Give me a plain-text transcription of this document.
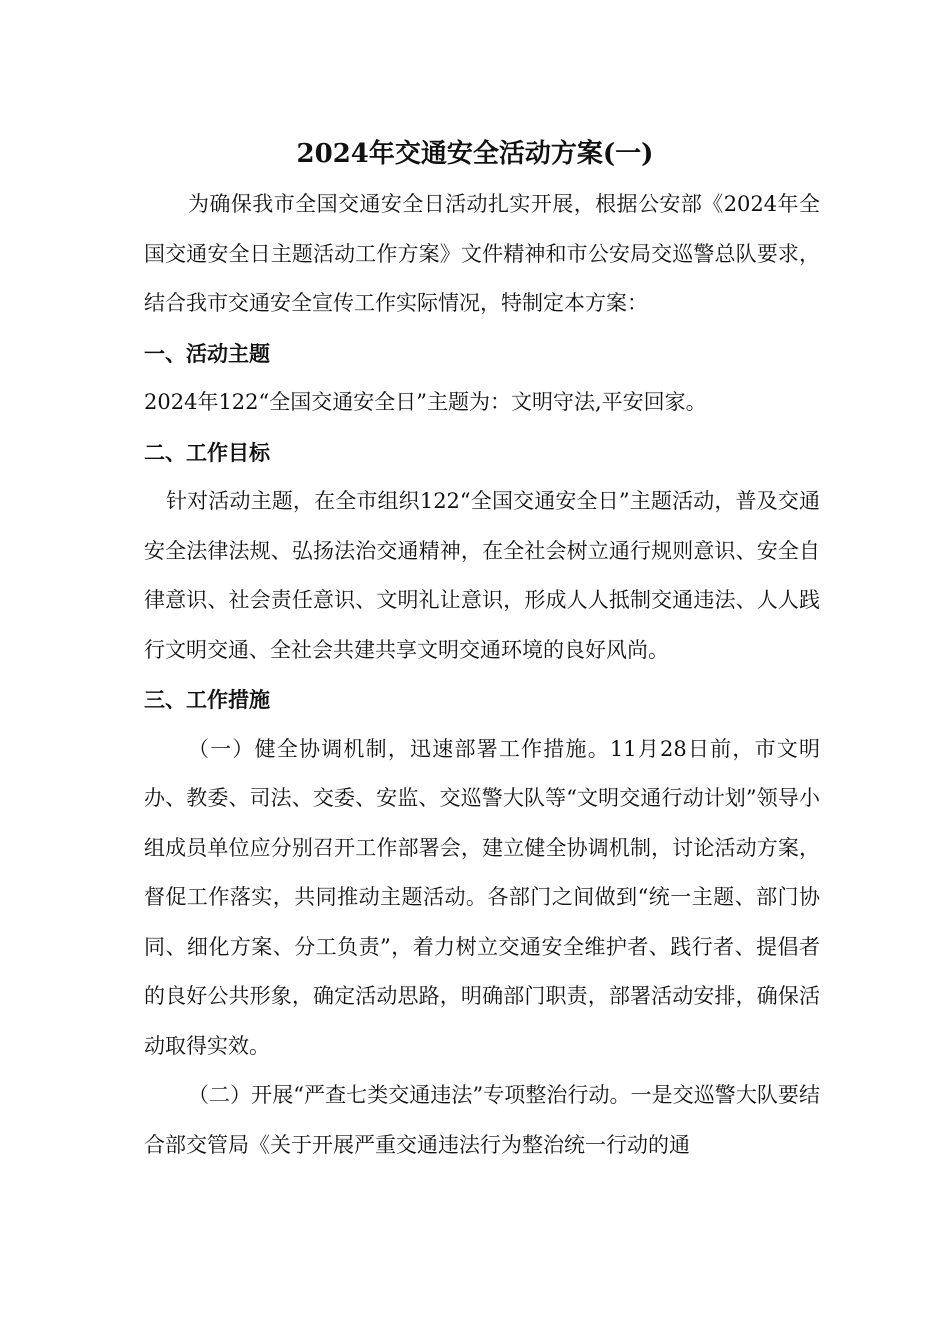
2024年交通安全活动方案(一)

为确保我市全国交通安全日活动扎实开展，根据公安部《2024年全国交通安全日主题活动工作方案》文件精神和市公安局交巡警总队要求，结合我市交通安全宣传工作实际情况，特制定本方案：

一、活动主题

2024年122“全国交通安全日”主题为：文明守法,平安回家。

二、工作目标

针对活动主题，在全市组织122“全国交通安全日”主题活动，普及交通安全法律法规、弘扬法治交通精神，在全社会树立通行规则意识、安全自律意识、社会责任意识、文明礼让意识，形成人人抵制交通违法、人人践行文明交通、全社会共建共享文明交通环境的良好风尚。

三、工作措施

（一）健全协调机制，迅速部署工作措施。11月28日前，市文明办、教委、司法、交委、安监、交巡警大队等“文明交通行动计划”领导小组成员单位应分别召开工作部署会，建立健全协调机制，讨论活动方案，督促工作落实，共同推动主题活动。各部门之间做到“统一主题、部门协同、细化方案、分工负责”，着力树立交通安全维护者、践行者、提倡者的良好公共形象，确定活动思路，明确部门职责，部署活动安排，确保活动取得实效。

（二）开展“严查七类交通违法”专项整治行动。一是交巡警大队要结合部交管局《关于开展严重交通违法行为整治统一行动的通
